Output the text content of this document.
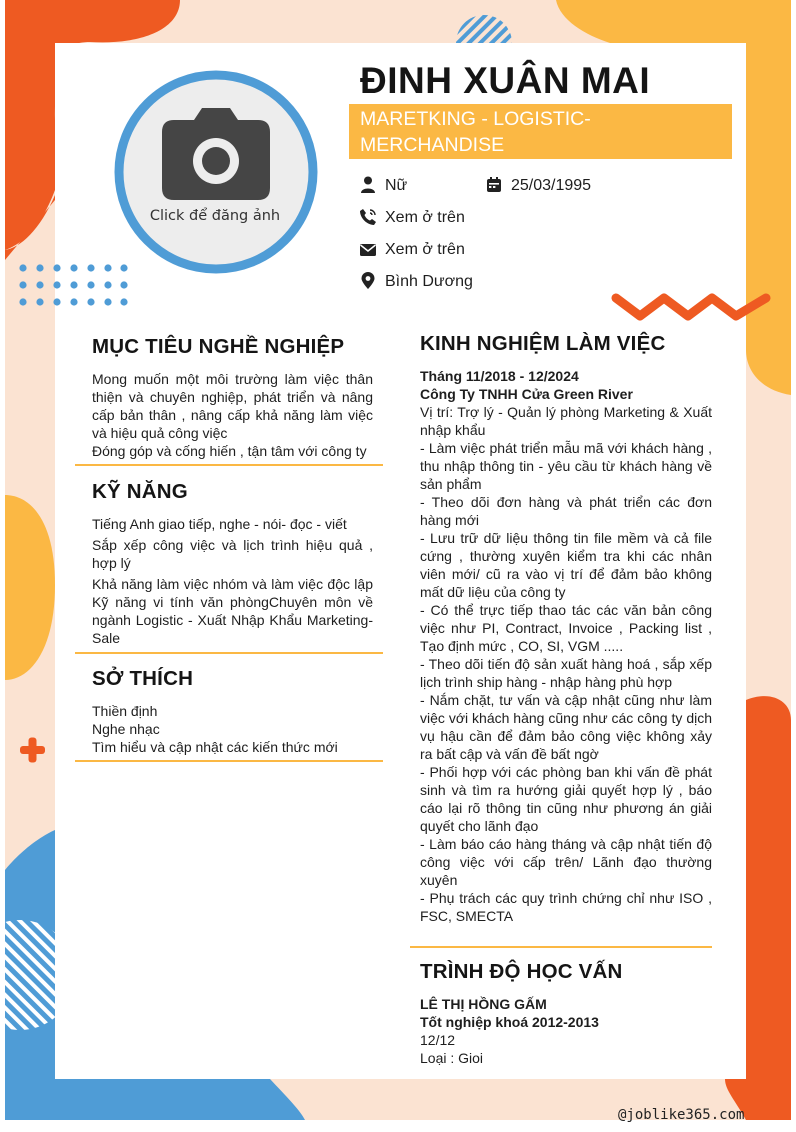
Click để đăng ảnh
ĐINH XUÂN MAI
MARETKING - LOGISTIC- MERCHANDISE
Nữ	25/03/1995
Xem ở trên
Xem ở trên
Bình Dương
MỤC TIÊU NGHỀ NGHIỆP

Mong muốn một môi trường làm việc thân thiện và chuyên nghiệp, phát triển và nâng cấp bản thân , nâng cấp khả năng làm việc và hiệu quả công việc

Đóng góp và cống hiến , tận tâm với công ty

KỸ NĂNG

Tiếng Anh giao tiếp, nghe - nói- đọc - viết

Sắp xếp công việc và lịch trình hiệu quả , hợp lý

Khả năng làm việc nhóm và làm việc độc lập Kỹ năng vi tính văn phòngChuyên môn về ngành Logistic - Xuất Nhập Khẩu Marketing-Sale

SỞ THÍCH

Thiền định

Nghe nhạc

Tìm hiểu và cập nhật các kiến thức mới

KINH NGHIỆM LÀM VIỆC

Tháng 11/2018 - 12/2024

Công Ty TNHH Cửa Green River

Vị trí: Trợ lý - Quản lý phòng Marketing & Xuất nhập khẩu

- Làm việc phát triển mẫu mã với khách hàng , thu nhập thông tin - yêu cầu từ khách hàng về sản phẩm

- Theo dõi đơn hàng và phát triển các đơn hàng mới

- Lưu trữ dữ liệu thông tin file mềm và cả file cứng , thường xuyên kiểm tra khi các nhân viên mới/ cũ ra vào vị trí để đảm bảo không mất dữ liệu của công ty

- Có thể trực tiếp thao tác các văn bản công việc như PI, Contract, Invoice , Packing list , Tạo định mức , CO, SI, VGM .....

- Theo dõi tiến độ sản xuất hàng hoá , sắp xếp lịch trình ship hàng - nhập hàng phù hợp

- Nắm chặt, tư vấn và cập nhật cũng như làm việc với khách hàng cũng như các công ty dịch vụ hậu cần để đảm bảo công việc không xảy ra bất cập và vấn đề bất ngờ

- Phối hợp với các phòng ban khi vấn đề phát sinh và tìm ra hướng giải quyết hợp lý , báo cáo lại rõ thông tin cũng như phương án giải quyết cho lãnh đạo

- Làm báo cáo hàng tháng và cập nhật tiến độ công việc với cấp trên/ Lãnh đạo thường xuyên

- Phụ trách các quy trình chứng chỉ như ISO , FSC, SMECTA

TRÌNH ĐỘ HỌC VẤN

LÊ THỊ HỒNG GẤM

Tốt nghiệp khoá 2012-2013

12/12

Loại : Gioi

@joblike365.com
